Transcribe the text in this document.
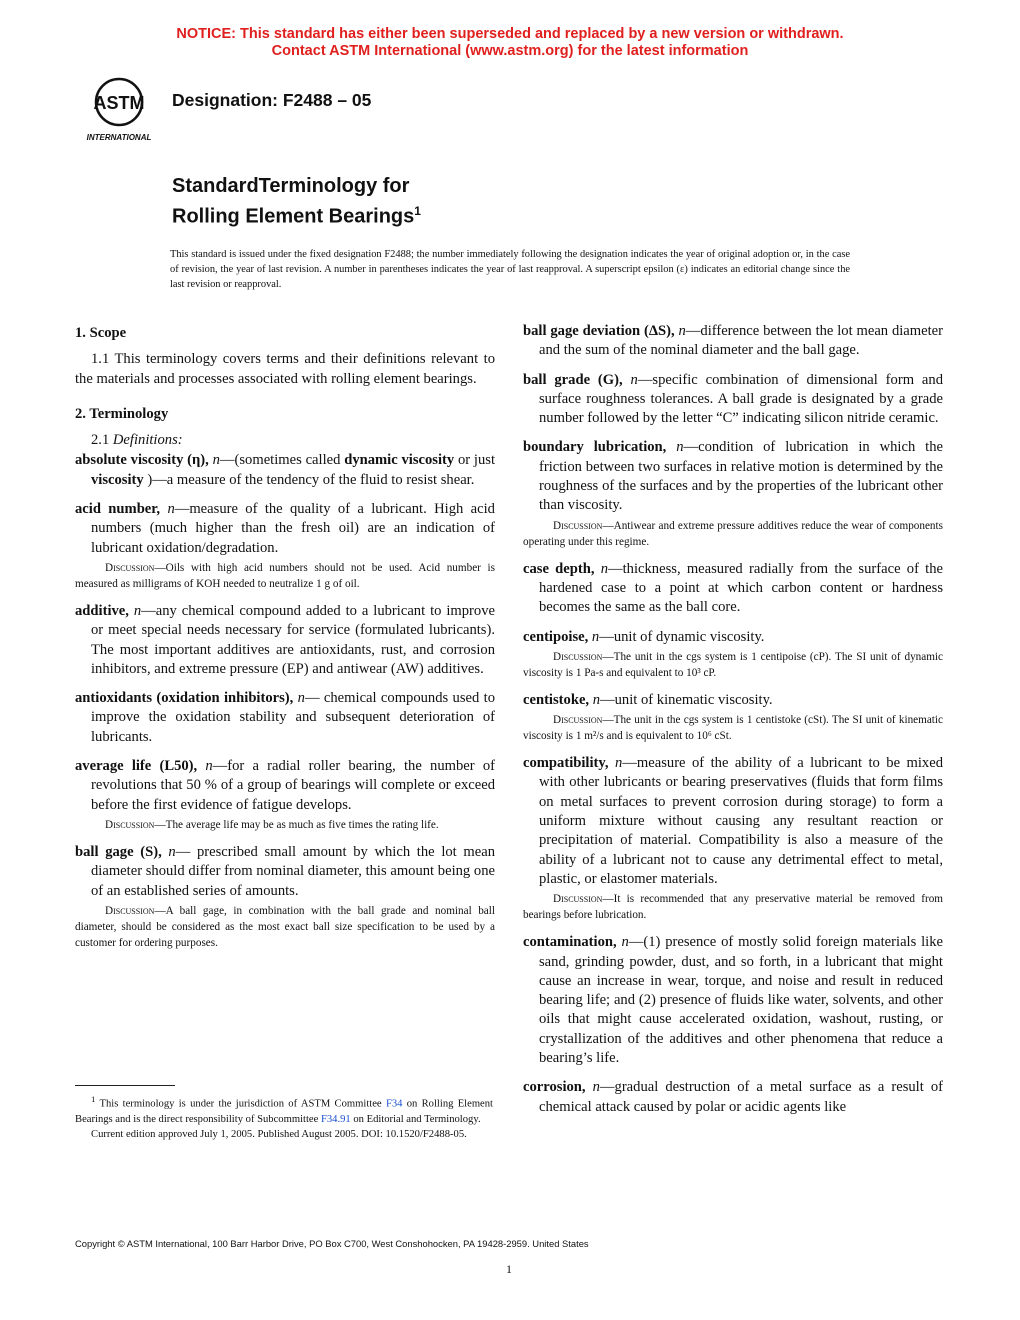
NOTICE: This standard has either been superseded and replaced by a new version or withdrawn.
Contact ASTM International (www.astm.org) for the latest information
ASTM
INTERNATIONAL
Designation: F2488 – 05
StandardTerminology for
Rolling Element Bearings$^1$
This standard is issued under the fixed designation F2488; the number immediately following the designation indicates the year of original adoption or, in the case of revision, the year of last revision. A number in parentheses indicates the year of last reapproval. A superscript epsilon (ε) indicates an editorial change since the last revision or reapproval.
1. Scope
1.1 This terminology covers terms and their definitions relevant to the materials and processes associated with rolling element bearings.
2. Terminology
2.1 Definitions:
absolute viscosity (η), n—(sometimes called dynamic viscosity or just viscosity )—a measure of the tendency of the fluid to resist shear.
acid number, n—measure of the quality of a lubricant. High acid numbers (much higher than the fresh oil) are an indication of lubricant oxidation/degradation.
Discussion—Oils with high acid numbers should not be used. Acid number is measured as milligrams of KOH needed to neutralize 1 g of oil.
additive, n—any chemical compound added to a lubricant to improve or meet special needs necessary for service (formulated lubricants). The most important additives are antioxidants, rust, and corrosion inhibitors, and extreme pressure (EP) and antiwear (AW) additives.
antioxidants (oxidation inhibitors), n— chemical compounds used to improve the oxidation stability and subsequent deterioration of lubricants.
average life (L50), n—for a radial roller bearing, the number of revolutions that 50 % of a group of bearings will complete or exceed before the first evidence of fatigue develops.
Discussion—The average life may be as much as five times the rating life.
ball gage (S), n— prescribed small amount by which the lot mean diameter should differ from nominal diameter, this amount being one of an established series of amounts.
Discussion—A ball gage, in combination with the ball grade and nominal ball diameter, should be considered as the most exact ball size specification to be used by a customer for ordering purposes.
ball gage deviation (ΔS), n—difference between the lot mean diameter and the sum of the nominal diameter and the ball gage.
ball grade (G), n—specific combination of dimensional form and surface roughness tolerances. A ball grade is designated by a grade number followed by the letter “C” indicating silicon nitride ceramic.
boundary lubrication, n—condition of lubrication in which the friction between two surfaces in relative motion is determined by the roughness of the surfaces and by the properties of the lubricant other than viscosity.
Discussion—Antiwear and extreme pressure additives reduce the wear of components operating under this regime.
case depth, n—thickness, measured radially from the surface of the hardened case to a point at which carbon content or hardness becomes the same as the ball core.
centipoise, n—unit of dynamic viscosity.
Discussion—The unit in the cgs system is 1 centipoise (cP). The SI unit of dynamic viscosity is 1 Pa-s and equivalent to 10³ cP.
centistoke, n—unit of kinematic viscosity.
Discussion—The unit in the cgs system is 1 centistoke (cSt). The SI unit of kinematic viscosity is 1 m²/s and is equivalent to 10⁶ cSt.
compatibility, n—measure of the ability of a lubricant to be mixed with other lubricants or bearing preservatives (fluids that form films on metal surfaces to prevent corrosion during storage) to form a uniform mixture without causing any resultant reaction or precipitation of material. Compatibility is also a measure of the ability of a lubricant not to cause any detrimental effect to metal, plastic, or elastomer materials.
Discussion—It is recommended that any preservative material be removed from bearings before lubrication.
contamination, n—(1) presence of mostly solid foreign materials like sand, grinding powder, dust, and so forth, in a lubricant that might cause an increase in wear, torque, and noise and result in reduced bearing life; and (2) presence of fluids like water, solvents, and other oils that might cause accelerated oxidation, washout, rusting, or crystallization of the additives and other phenomena that reduce a bearing’s life.
corrosion, n—gradual destruction of a metal surface as a result of chemical attack caused by polar or acidic agents like

$^1$ This terminology is under the jurisdiction of ASTM Committee F34 on Rolling Element Bearings and is the direct responsibility of Subcommittee F34.91 on Editorial and Terminology.

Current edition approved July 1, 2005. Published August 2005. DOI: 10.1520/F2488-05.

Copyright © ASTM International, 100 Barr Harbor Drive, PO Box C700, West Conshohocken, PA 19428-2959. United States
1
